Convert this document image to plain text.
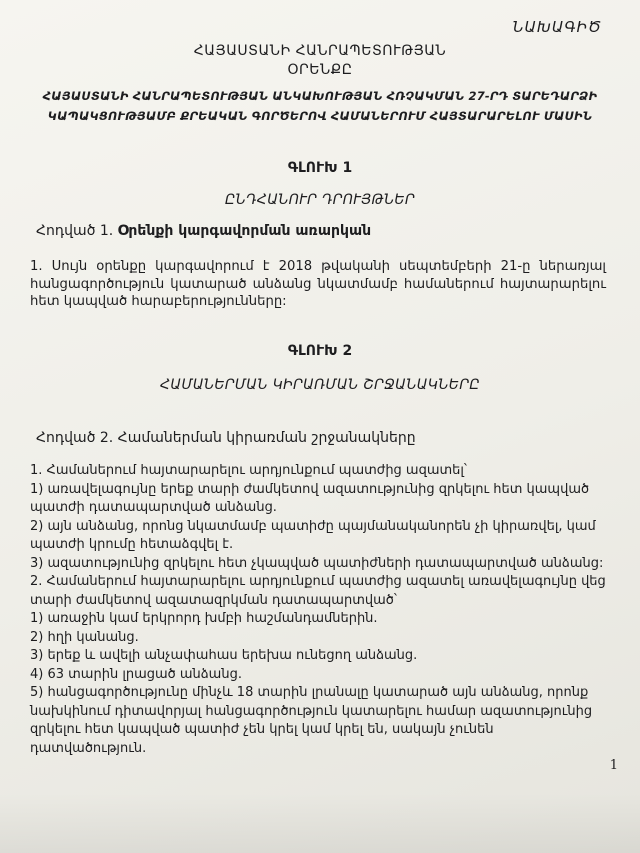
ՆԱԽԱԳԻԾ
ՀԱՅԱՍՏԱՆԻ ՀԱՆՐԱՊԵՏՈՒԹՅԱՆ
ՕՐԵՆՔԸ
ՀԱՅԱՍՏԱՆԻ ՀԱՆՐԱՊԵՏՈՒԹՅԱՆ ԱՆԿԱԽՈՒԹՅԱՆ ՀՌՉԱԿՄԱՆ 27-ՐԴ ՏԱՐԵԴԱՐՁԻ
ԿԱՊԱԿՑՈՒԹՅԱՄԲ ՔՐԵԱԿԱՆ ԳՈՐԾԵՐՈՎ ՀԱՄԱՆԵՐՈՒՄ ՀԱՅՏԱՐԱՐԵԼՈՒ ՄԱՍԻՆ
ԳԼՈՒԽ 1
ԸՆԴՀԱՆՈՒՐ ԴՐՈՒՅԹՆԵՐ
Հոդված 1. Օրենքի կարգավորման առարկան
1. Սույն օրենքը կարգավորում է 2018 թվականի սեպտեմբերի 21-ը ներառյալ հանցագործություն կատարած անձանց նկատմամբ համաներում հայտարարելու հետ կապված հարաբերությունները:
ԳԼՈՒԽ 2
ՀԱՄԱՆԵՐՄԱՆ ԿԻՐԱՌՄԱՆ ՇՐՋԱՆԱԿՆԵՐԸ
Հոդված 2. Համաներման կիրառման շրջանակները

1. Համաներում հայտարարելու արդյունքում պատժից ազատել՝

1) առավելագույնը երեք տարի ժամկետով ազատությունից զրկելու հետ կապված պատժի դատապարտված անձանց.

2) այն անձանց, որոնց նկատմամբ պատիժը պայմանականորեն չի կիրառվել, կամ պատժի կրումը հետաձգվել է.

3) ազատությունից զրկելու հետ չկապված պատիժների դատապարտված անձանց:

2. Համաներում հայտարարելու արդյունքում պատժից ազատել առավելագույնը վեց տարի ժամկետով ազատազրկման դատապարտված՝

1) առաջին կամ երկրորդ խմբի հաշմանդամներին.

2) հղի կանանց.

3) երեք և ավելի անչափահաս երեխա ունեցող անձանց.

4) 63 տարին լրացած անձանց.

5) հանցագործությունը մինչև 18 տարին լրանալը կատարած այն անձանց, որոնք նախկինում դիտավորյալ հանցագործություն կատարելու համար ազատությունից զրկելու հետ կապված պատիժ չեն կրել կամ կրել են, սակայն չունեն դատվածություն.

1
